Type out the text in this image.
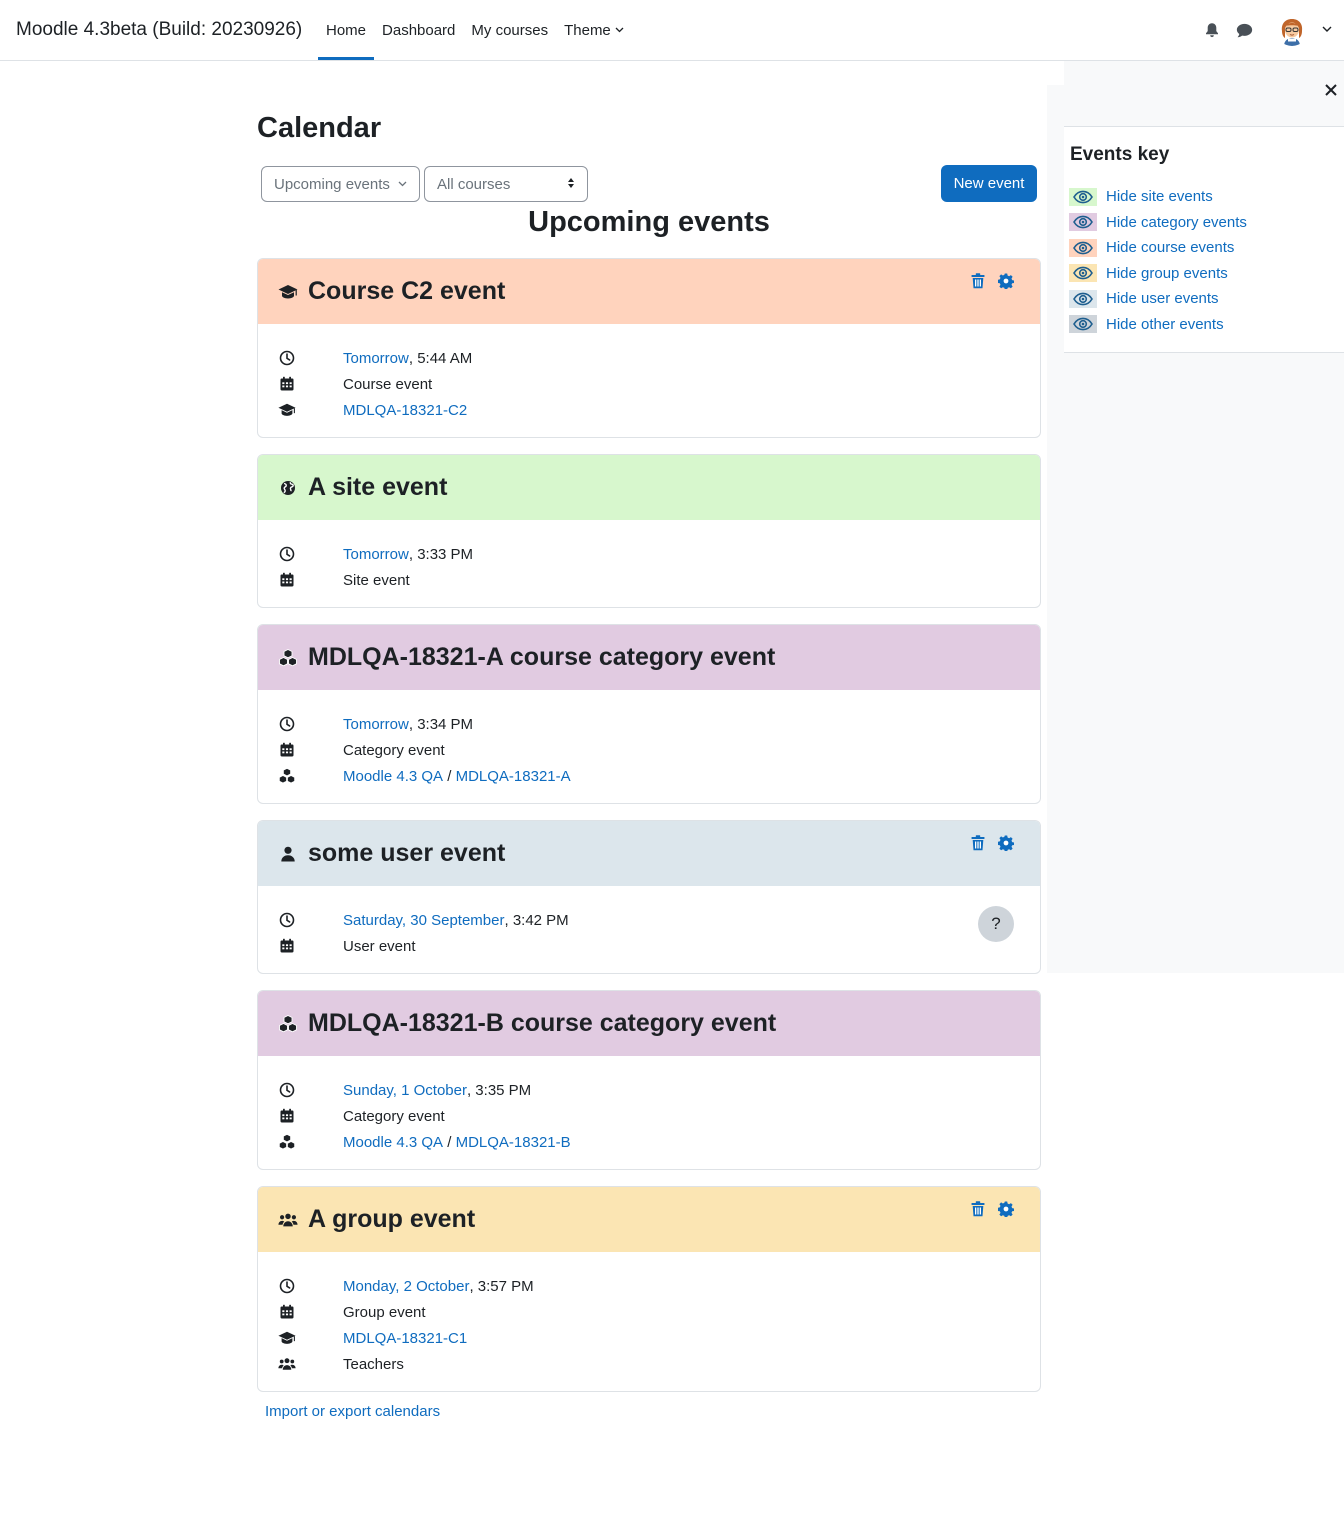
Moodle 4.3beta (Build: 20230926)	Home	Dashboard	My courses	Theme
Events key
Hide site events
Hide category events
Hide course events
Hide group events
Hide user events
Hide other events
Calendar
Upcoming events	All courses	New event
Upcoming events
Course C2 event
Tomorrow , 5:44 AM
Course event
MDLQA-18321-C2
A site event
Tomorrow , 3:33 PM
Site event
MDLQA-18321-A course category event
Tomorrow , 3:34 PM
Category event
Moodle 4.3 QA / MDLQA-18321-A
some user event
Saturday, 30 September , 3:42 PM
User event
?
MDLQA-18321-B course category event
Sunday, 1 October , 3:35 PM
Category event
Moodle 4.3 QA / MDLQA-18321-B
A group event
Monday, 2 October , 3:57 PM
Group event
MDLQA-18321-C1
Teachers
Import or export calendars
